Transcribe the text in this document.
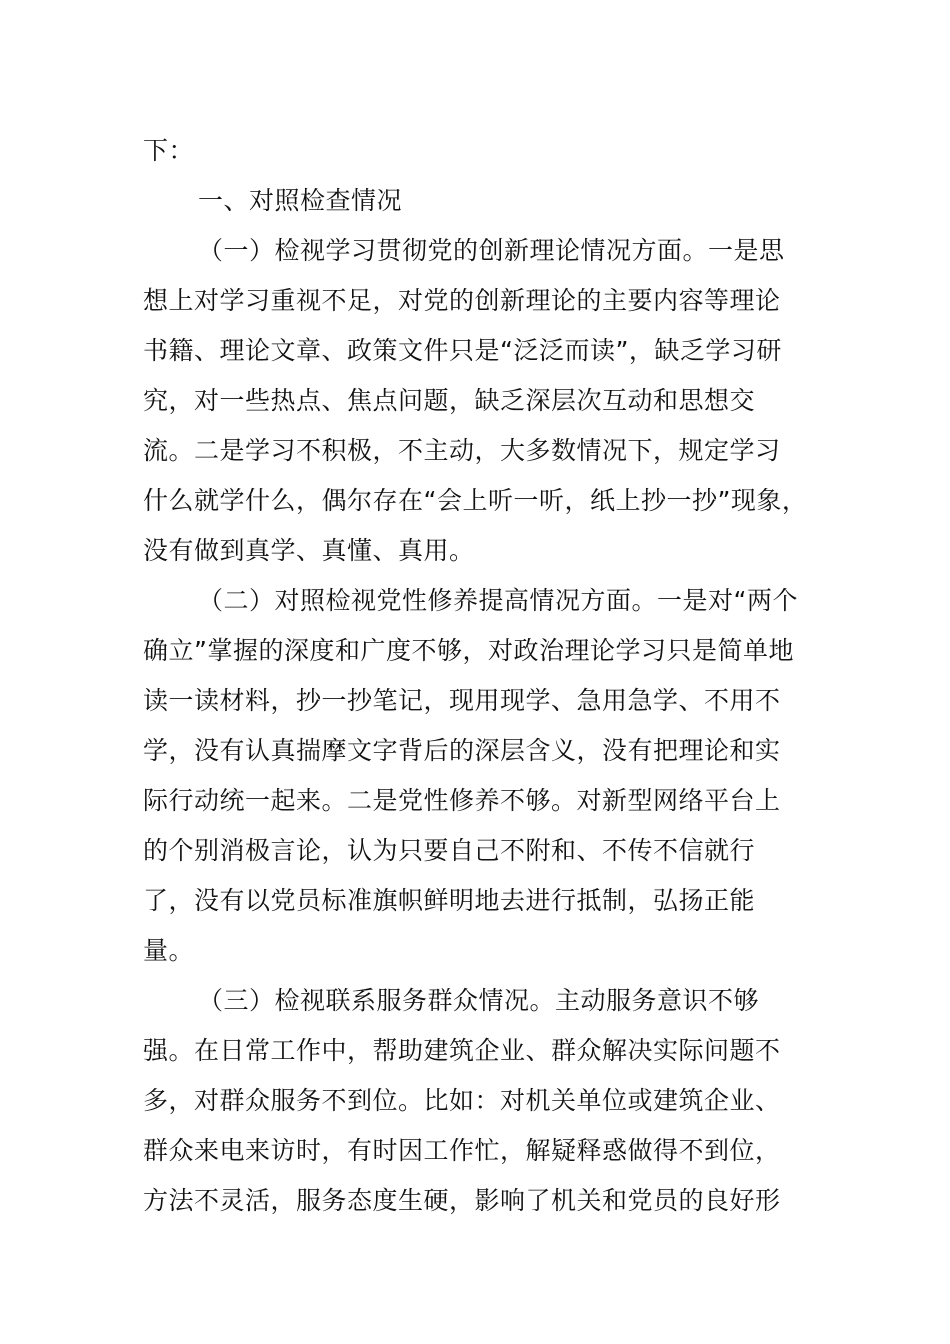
下：
一、对照检查情况
（一）检视学习贯彻党的创新理论情况方面。一是思
想上对学习重视不足，对党的创新理论的主要内容等理论
书籍、理论文章、政策文件只是“泛泛而读”，缺乏学习研
究，对一些热点、焦点问题，缺乏深层次互动和思想交
流。二是学习不积极，不主动，大多数情况下，规定学习
什么就学什么，偶尔存在“会上听一听，纸上抄一抄”现象，
没有做到真学、真懂、真用。
（二）对照检视党性修养提高情况方面。一是对“两个
确立”掌握的深度和广度不够，对政治理论学习只是简单地
读一读材料，抄一抄笔记，现用现学、急用急学、不用不
学，没有认真揣摩文字背后的深层含义，没有把理论和实
际行动统一起来。二是党性修养不够。对新型网络平台上
的个别消极言论，认为只要自己不附和、不传不信就行
了，没有以党员标准旗帜鲜明地去进行抵制，弘扬正能
量。
（三）检视联系服务群众情况。主动服务意识不够
强。在日常工作中，帮助建筑企业、群众解决实际问题不
多，对群众服务不到位。比如：对机关单位或建筑企业、
群众来电来访时，有时因工作忙，解疑释惑做得不到位，
方法不灵活，服务态度生硬，影响了机关和党员的良好形
